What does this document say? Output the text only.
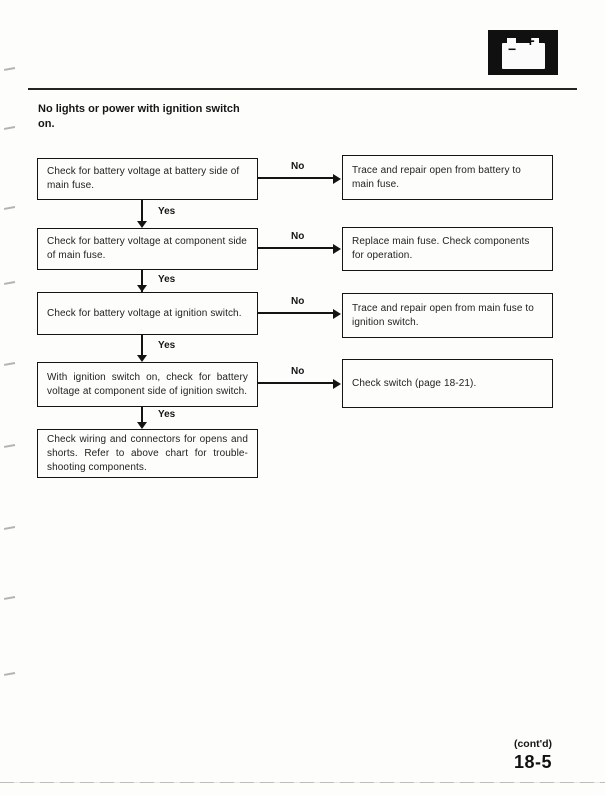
− +
No lights or power with ignition switch
on.
Check for battery voltage at battery side of main fuse.
Trace and repair open from battery to main fuse.
No
Yes
Check for battery voltage at component side of main fuse.
Replace main fuse. Check components for operation.
No
Yes
Check for battery voltage at ignition switch.	Trace and repair open from main fuse to ignition switch.
No
Yes
With ignition switch on, check for battery voltage at component side of ignition switch.
Check switch (page 18-21).
No
Yes
Check wiring and connectors for opens and shorts. Refer to above chart for trouble-shooting components.
(cont'd)
18-5
